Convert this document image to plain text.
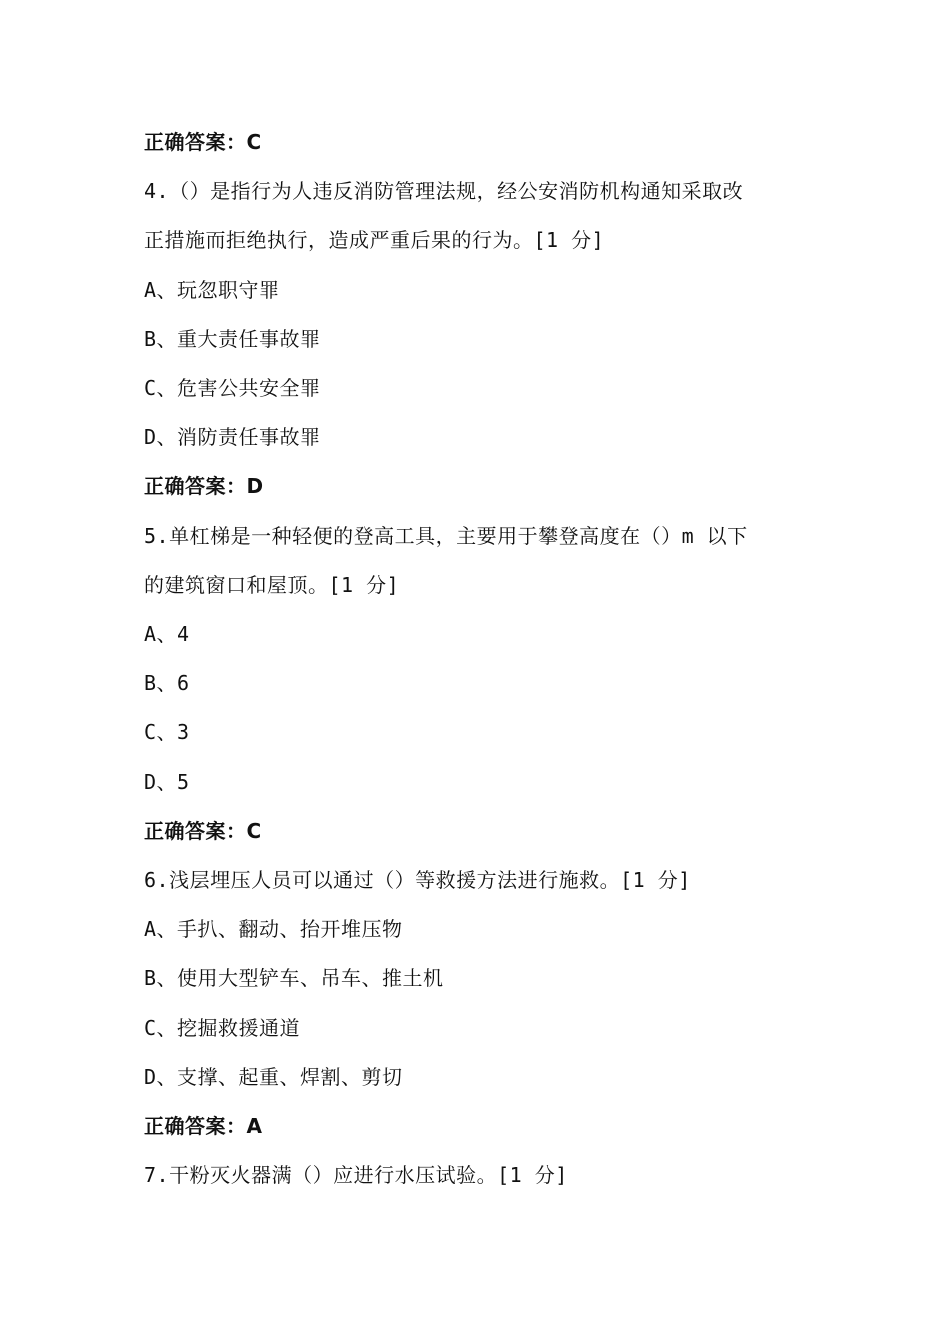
正确答案：C
4.（）是指行为人违反消防管理法规，经公安消防机构通知采取改
正措施而拒绝执行，造成严重后果的行为。[1 分]
A、玩忽职守罪
B、重大责任事故罪
C、危害公共安全罪
D、消防责任事故罪
正确答案：D
5.单杠梯是一种轻便的登高工具，主要用于攀登高度在（）m 以下
的建筑窗口和屋顶。[1 分]
A、4
B、6
C、3
D、5
正确答案：C
6.浅层埋压人员可以通过（）等救援方法进行施救。[1 分]
A、手扒、翻动、抬开堆压物
B、使用大型铲车、吊车、推土机
C、挖掘救援通道
D、支撑、起重、焊割、剪切
正确答案：A
7.干粉灭火器满（）应进行水压试验。[1 分]
